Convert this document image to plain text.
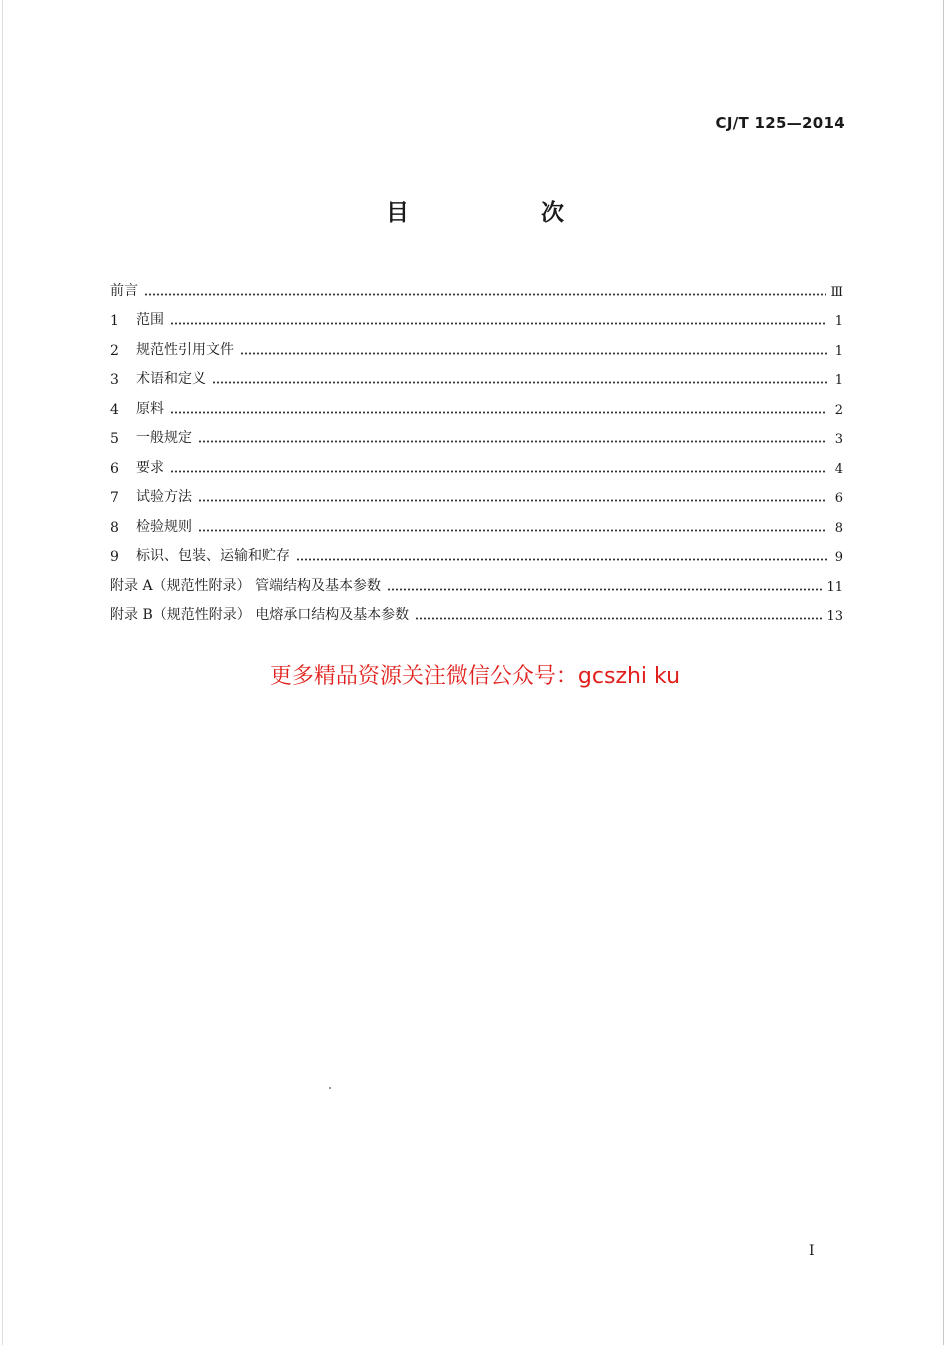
CJ/T 125—2014
目 次
前言	Ⅲ
1	范围	1
2	规范性引用文件	1
3	术语和定义	1
4	原料	2
5	一般规定	3
6	要求	4
7	试验方法	6
8	检验规则	8
9	标识、包装、运输和贮存	9
附录 A（规范性附录） 管端结构及基本参数	11
附录 B（规范性附录） 电熔承口结构及基本参数	13
更多精品资源关注微信公众号：gcszhi ku
I
